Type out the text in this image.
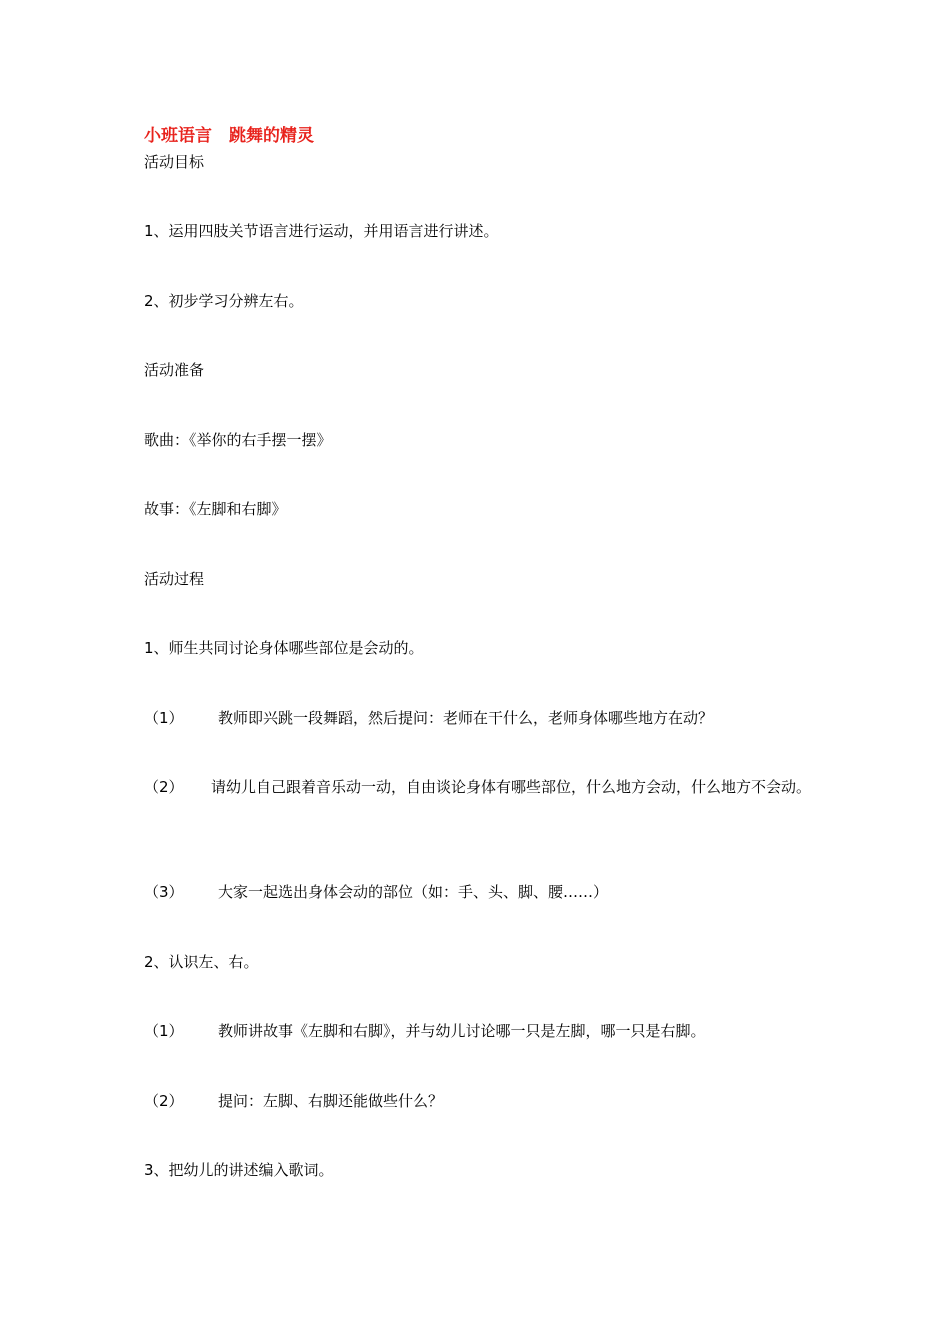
小班语言　跳舞的精灵
活动目标
1、运用四肢关节语言进行运动，并用语言进行讲述。
2、初步学习分辨左右。
活动准备
歌曲：《举你的右手摆一摆》
故事：《左脚和右脚》
活动过程
1、师生共同讨论身体哪些部位是会动的。
（1） 教师即兴跳一段舞蹈，然后提问：老师在干什么，老师身体哪些地方在动？
（2） 请幼儿自己跟着音乐动一动，自由谈论身体有哪些部位，什么地方会动，什么地方不会动。
（3） 大家一起选出身体会动的部位（如：手、头、脚、腰……）
2、认识左、右。
（1） 教师讲故事《左脚和右脚》，并与幼儿讨论哪一只是左脚，哪一只是右脚。
（2） 提问：左脚、右脚还能做些什么？
3、把幼儿的讲述编入歌词。
